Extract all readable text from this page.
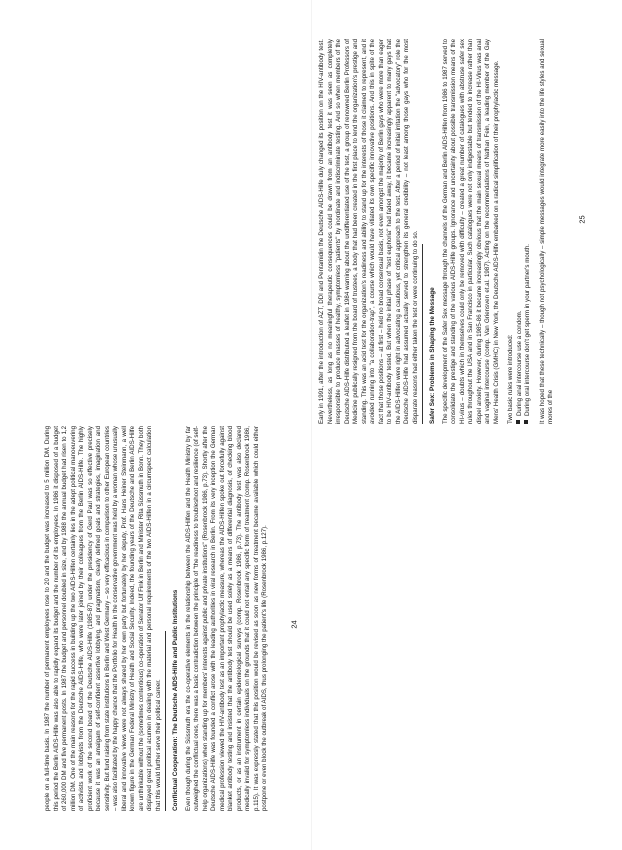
Early in 1991, after the introduction of AZT, DDI and Pentamidin the Deutsche AIDS-Hilfe duly changed its position on the HIV-antibody test. Nevertheless, as long as no meaningful therapeutic consequences could be drawn from an antibody test it was seen as completely irresponsible to produce masses of healthy, symptomless "patients" by inordinate and indiscriminate testing. And so when members of the Deutsche AIDS-Hilfe distributed a leaflet in 1984 warning about the undifferentiated use of the test, a group of renowned Berlin Professors of Medicine publically resigned from the board of trustees, a body that had been created in the first place to lend the organization's prestige and standing. This was an acid test for the organization's readiness and ability to stand up for the interests of those it claimed to represent, and it avoided running into "a collaboration-trap", a course which would have vitiated its own specific innovative positions. And this in spite of the fact that those positions – at first – held no broad consensual basis, not even amongst the majority of Berlin gays who were more than eager to be HIV-antibody tested. But when the initial phase of "test euphoria" had faded away, it became increasingly apparent to many gays that the AIDS-Hilfen were right in advocating a cautious, yet critical approach to the test. After a period of initial irritation the "advocatory" role the Deutsche AIDS-Hilfe had assumed actually served to strengthen its general credibility – not least among those gays who for the most disparate reasons had either taken the test or were continuing to do so. Safer Sex: Problems in Shaping the Message The specific development of the Safer Sex message through the channels of the German and Berlin AIDS-Hilfen from 1986 to 1987 served to consolidate the prestige and standing of the various AIDS-Hilfe groups. Ignorance and uncertainty about possible transmission means of the HI-virus – doubts which in themselves could only be removed with difficulty – created a great number of catalogues with abstruse safer sex rules throughout the USA and in San Francisco in particular. Such catalogues were not only indigestable but tended to increase rather than dispel anxiety. However, during 1985-86 it became increasingly obvious that the main sexual means of transmission of the HI-Virus was anal and vaginal intercourse (comp. Van Griensven et.al. 1987). Acting on the recommendations of Nathan Fein, a leading member of the Gay Mens' Health Crisis (GMHC) in New York, the Deutsche AIDS-Hilfe embarked on a radical simplification of their prophylactic message. Two basic rules were introduced: During anal intercourse use a condom. During oral intercourse don't get sperm in your partner's mouth. It was hoped that these technically – though not psychologically – simple messages would integrate more easily into the life styles and sexual mores of the

people on a full-time basis. In 1987 the number of permanent employees rose to 20 and the budget was increased to 5 million DM. During this period the Berlin AIDS-Hilfe was also able to rapidly expand its budget and the number of its employees. In 1986 it disposed of a budget of 260,000 DM and five permanent posts. In 1987 the budget and personnel doubled in size, and by 1988 the annual budget had risen to 1,2 million DM. One of the main reasons for the rapid success in building up the two AIDS-Hilfen certainly lies in the adept political manoeuvering of activists and lobbyists from the Deutsche AIDS-Hilfe, who were later joined by their colleagues from the Berlin AIDS-Hilfe. The highly proficient work of the second board of the Deutsche AIDS-Hilfe (1985-87) under the presidency of Gerd Paul was so effective precisely because it was an amalgam of self-confident assertive lobbying, and pragmatism, clearly defined goals and strategies, imagination and sensitivity. But fund raising from state institutions in Berlin and West Germany – so very efficacious in comparison to other European countries – was also facilitated by the happy chance that the Portfolio for Health in the conservative government was held by a woman whose unusually liberal and innovative views were not always shared by her own party but fortunately by her deputy, Prof. Hans Heiner Steinmann, a well known figure in the German Federal Ministry of Health and Social Security. Indeed, the founding years of the Deutsche and Berlin AIDS-Hilfe are unthinkable without the (sometimes contentious) co-operation of Senator Ulf Fink in Berlin and Minister Rita Süssmuth in Bonn. They both displayed great political acumen in dealing with the material and personal requirements of the two AIDS-Hilfen in a circumspect calculation that this would further serve their political career. Conflictual Cooperation: The Deutsche AIDS-Hilfe and Public Institutions Even though during the Süssmuth era the co-operative elements in the relationship between the AIDS-Hilfen and the Health Ministry by far outweighed the conflictual ones, there was a basic contradiction between the principle of "the readiness to troubleshoot and resilience (of self-help organizations) when standing up for members' interests against public and private institutions" (Rosenbrock 1986, p.73). Shortly after the Deutsche AIDS-Hilfe was founded a conflict arose with the leading authorities in viral research in Berlin. From its very inception the German medical profession viewed the HIV-antibody test as an important prophylactic measure, whereas the AIDS-Hilfen spoke out forcefully against blanket antibody testing and insisted that the antibody test should be used solely as a means of differential diagnosis, of checking blood products, or as an instrument in certain epidemiological surveys (comp. Rosenbrock 1986, p.73). The antibody test was also declared medically invalid for symptomless individuals on the grounds that it could not entail any specific form of treatment (comp. Rosenbrock 1986, p.115). It was expressly stated that this position would be revised as soon as new forms of treatment became available which could either postpone or even block the outbreak of AIDS, thus prolonging the patient's life (Rosenbrock 1986, p.127).

25
24
